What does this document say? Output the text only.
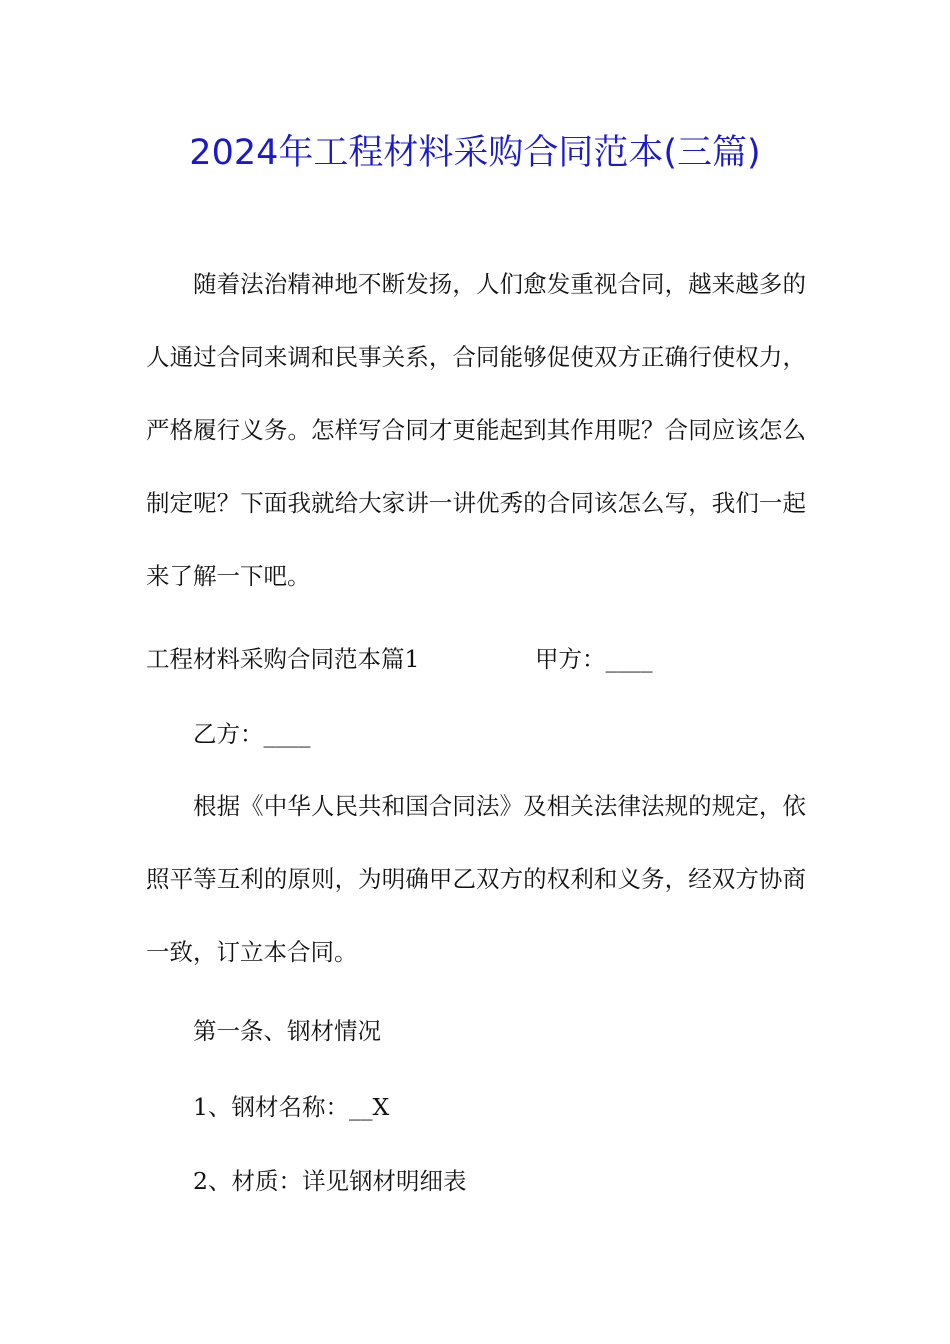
2024年工程材料采购合同范本(三篇)
随着法治精神地不断发扬，人们愈发重视合同，越来越多的人通过合同来调和民事关系，合同能够促使双方正确行使权力，严格履行义务。怎样写合同才更能起到其作用呢？合同应该怎么制定呢？下面我就给大家讲一讲优秀的合同该怎么写，我们一起来了解一下吧。
工程材料采购合同范本篇1	甲方：____
乙方：____
根据《中华人民共和国合同法》及相关法律法规的规定，依照平等互利的原则，为明确甲乙双方的权利和义务，经双方协商一致，订立本合同。
第一条、钢材情况
1、钢材名称：__X
2、材质：详见钢材明细表
